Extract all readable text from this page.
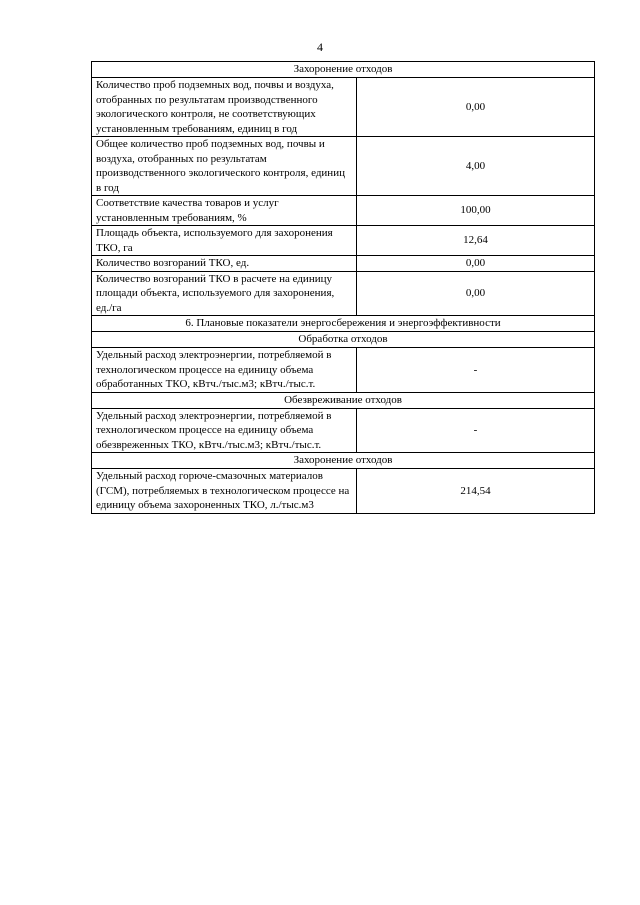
4
Захоронение отходов	
Количество проб подземных вод, почвы и воздуха, отобранных по результатам производственного экологического контроля, не соответствующих установленным требованиям, единиц в год	0,00
Общее количество проб подземных вод, почвы и воздуха, отобранных по результатам производственного экологического контроля, единиц в год	4,00
Соответствие качества товаров и услуг установленным требованиям, %	100,00
Площадь объекта, используемого для захоронения ТКО, га	12,64
Количество возгораний ТКО, ед.	0,00
Количество возгораний ТКО в расчете на единицу площади объекта, используемого для захоронения, ед./га	0,00
6. Плановые показатели энергосбережения и энергоэффективности	
Обработка отходов	
Удельный расход электроэнергии, потребляемой в технологическом процессе на единицу объема обработанных ТКО, кВтч./тыс.м3; кВтч./тыс.т.	-
Обезвреживание отходов	
Удельный расход электроэнергии, потребляемой в технологическом процессе на единицу объема обезвреженных ТКО, кВтч./тыс.м3; кВтч./тыс.т.	-
Захоронение отходов	
Удельный расход горюче-смазочных материалов (ГСМ), потребляемых в технологическом процессе на единицу объема захороненных ТКО, л./тыс.м3	214,54
